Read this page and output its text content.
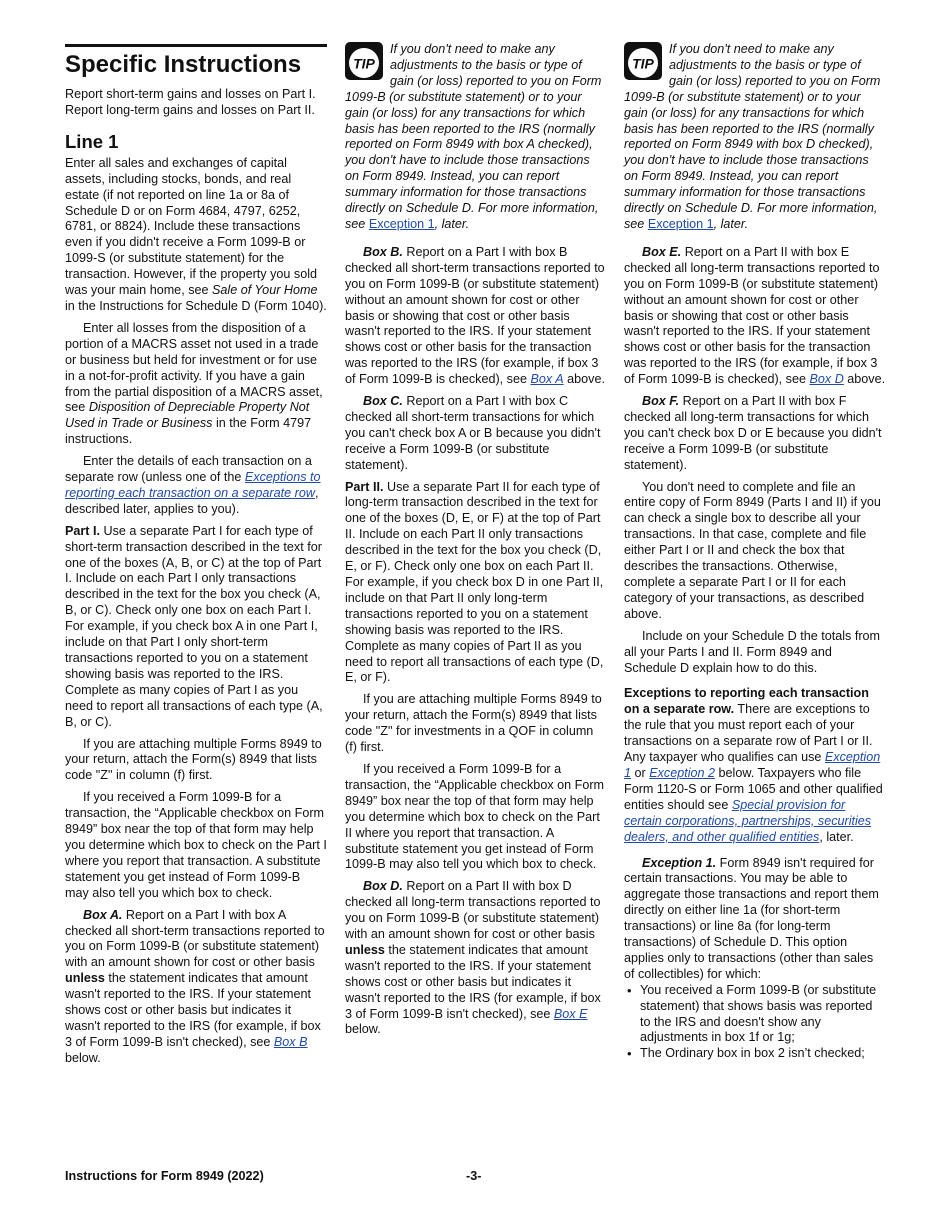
Specific Instructions

Report short-term gains and losses on Part I. Report long-term gains and losses on Part II.

Line 1

Enter all sales and exchanges of capital assets, including stocks, bonds, and real estate (if not reported on line 1a or 8a of Schedule D or on Form 4684, 4797, 6252, 6781, or 8824). Include these transactions even if you didn't receive a Form 1099-B or 1099-S (or substitute statement) for the transaction. However, if the property you sold was your main home, see Sale of Your Home in the Instructions for Schedule D (Form 1040).

Enter all losses from the disposition of a portion of a MACRS asset not used in a trade or business but held for investment or for use in a not-for-profit activity. If you have a gain from the partial disposition of a MACRS asset, see Disposition of Depreciable Property Not Used in Trade or Business in the Form 4797 instructions.

Enter the details of each transaction on a separate row (unless one of the Exceptions to reporting each transaction on a separate row, described later, applies to you).

Part I. Use a separate Part I for each type of short-term transaction described in the text for one of the boxes (A, B, or C) at the top of Part I. Include on each Part I only transactions described in the text for the box you check (A, B, or C). Check only one box on each Part I. For example, if you check box A in one Part I, include on that Part I only short-term transactions reported to you on a statement showing basis was reported to the IRS. Complete as many copies of Part I as you need to report all transactions of each type (A, B, or C).

If you are attaching multiple Forms 8949 to your return, attach the Form(s) 8949 that lists code "Z" in column (f) first.

If you received a Form 1099-B for a transaction, the “Applicable checkbox on Form 8949” box near the top of that form may help you determine which box to check on the Part I where you report that transaction. A substitute statement you get instead of Form 1099-B may also tell you which box to check.

Box A. Report on a Part I with box A checked all short-term transactions reported to you on Form 1099-B (or substitute statement) with an amount shown for cost or other basis unless the statement indicates that amount wasn't reported to the IRS. If your statement shows cost or other basis but indicates it wasn't reported to the IRS (for example, if box 3 of Form 1099-B isn't checked), see Box B below.

TIP

If you don't need to make any adjustments to the basis or type of gain (or loss) reported to you on Form 1099-B (or substitute statement) or to your gain (or loss) for any transactions for which basis has been reported to the IRS (normally reported on Form 8949 with box A checked), you don't have to include those transactions on Form 8949. Instead, you can report summary information for those transactions directly on Schedule D. For more information, see Exception 1, later.

Box B. Report on a Part I with box B checked all short-term transactions reported to you on Form 1099-B (or substitute statement) without an amount shown for cost or other basis or showing that cost or other basis wasn't reported to the IRS. If your statement shows cost or other basis for the transaction was reported to the IRS (for example, if box 3 of Form 1099-B is checked), see Box A above.

Box C. Report on a Part I with box C checked all short-term transactions for which you can't check box A or B because you didn't receive a Form 1099-B (or substitute statement).

Part II. Use a separate Part II for each type of long-term transaction described in the text for one of the boxes (D, E, or F) at the top of Part II. Include on each Part II only transactions described in the text for the box you check (D, E, or F). Check only one box on each Part II. For example, if you check box D in one Part II, include on that Part II only long-term transactions reported to you on a statement showing basis was reported to the IRS. Complete as many copies of Part II as you need to report all transactions of each type (D, E, or F).

If you are attaching multiple Forms 8949 to your return, attach the Form(s) 8949 that lists code "Z" for investments in a QOF in column (f) first.

If you received a Form 1099-B for a transaction, the “Applicable checkbox on Form 8949” box near the top of that form may help you determine which box to check on the Part II where you report that transaction. A substitute statement you get instead of Form 1099-B may also tell you which box to check.

Box D. Report on a Part II with box D checked all long-term transactions reported to you on Form 1099-B (or substitute statement) with an amount shown for cost or other basis unless the statement indicates that amount wasn't reported to the IRS. If your statement shows cost or other basis but indicates it wasn't reported to the IRS (for example, if box 3 of Form 1099-B isn't checked), see Box E below.

TIP

If you don't need to make any adjustments to the basis or type of gain (or loss) reported to you on Form 1099-B (or substitute statement) or to your gain (or loss) for any transactions for which basis has been reported to the IRS (normally reported on Form 8949 with box D checked), you don't have to include those transactions on Form 8949. Instead, you can report summary information for those transactions directly on Schedule D. For more information, see Exception 1, later.

Box E. Report on a Part II with box E checked all long-term transactions reported to you on Form 1099-B (or substitute statement) without an amount shown for cost or other basis or showing that cost or other basis wasn't reported to the IRS. If your statement shows cost or other basis for the transaction was reported to the IRS (for example, if box 3 of Form 1099-B is checked), see Box D above.

Box F. Report on a Part II with box F checked all long-term transactions for which you can't check box D or E because you didn't receive a Form 1099-B (or substitute statement).

You don't need to complete and file an entire copy of Form 8949 (Parts I and II) if you can check a single box to describe all your transactions. In that case, complete and file either Part I or II and check the box that describes the transactions. Otherwise, complete a separate Part I or II for each category of your transactions, as described above.

Include on your Schedule D the totals from all your Parts I and II. Form 8949 and Schedule D explain how to do this.

Exceptions to reporting each transaction on a separate row. There are exceptions to the rule that you must report each of your transactions on a separate row of Part I or II. Any taxpayer who qualifies can use Exception 1 or Exception 2 below. Taxpayers who file Form 1120-S or Form 1065 and other qualified entities should see Special provision for certain corporations, partnerships, securities dealers, and other qualified entities, later.

Exception 1. Form 8949 isn't required for certain transactions. You may be able to aggregate those transactions and report them directly on either line 1a (for short-term transactions) or line 8a (for long-term transactions) of Schedule D. This option applies only to transactions (other than sales of collectibles) for which:

• You received a Form 1099-B (or substitute statement) that shows basis was reported to the IRS and doesn't show any adjustments in box 1f or 1g;
• The Ordinary box in box 2 isn’t checked;
Instructions for Form 8949 (2022)	-3-
